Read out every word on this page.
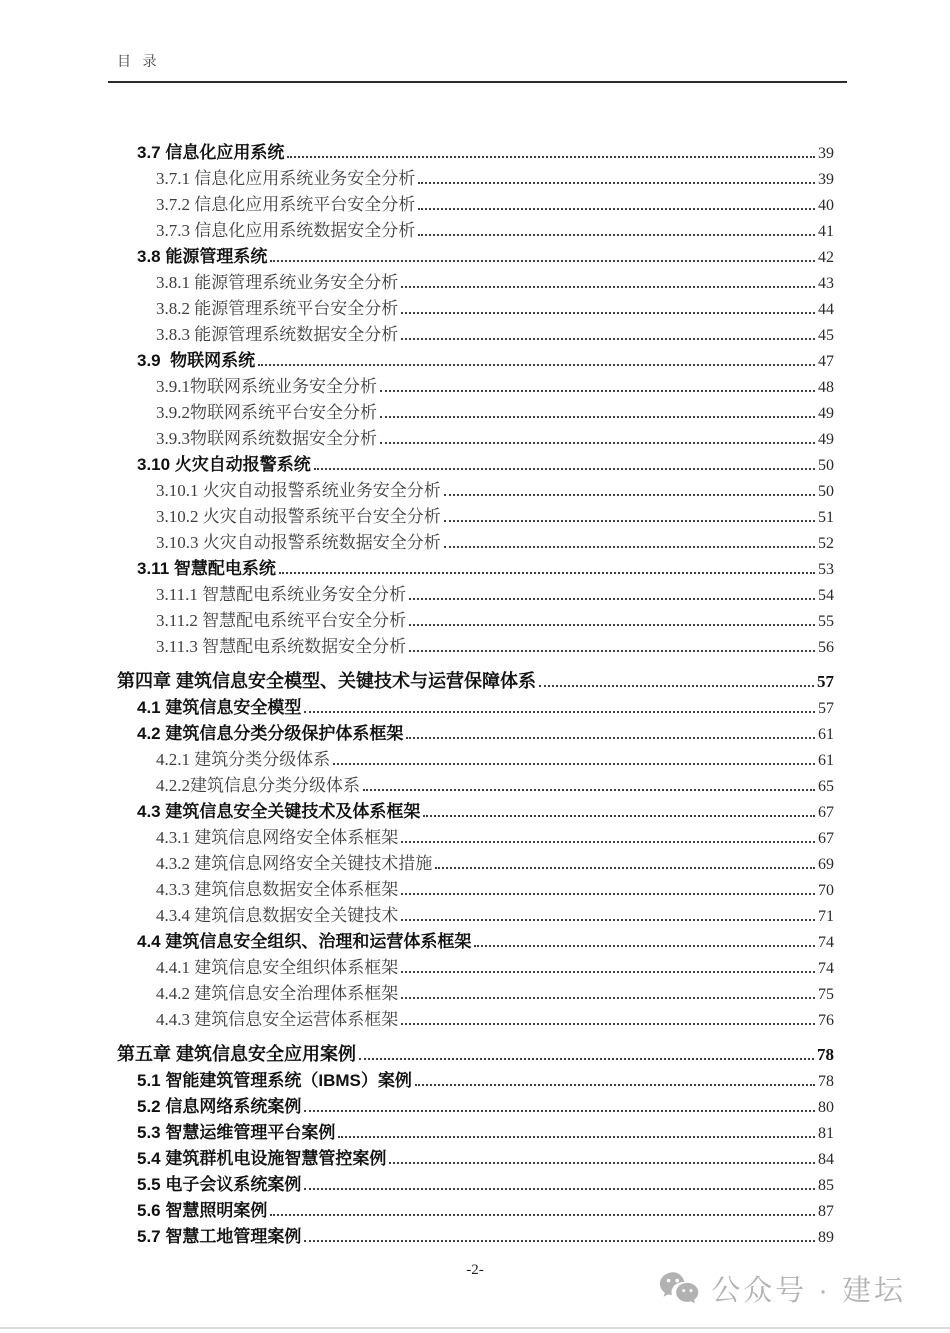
目 录
3.7 信息化应用系统	39
3.7.1 信息化应用系统业务安全分析	39
3.7.2 信息化应用系统平台安全分析	40
3.7.3 信息化应用系统数据安全分析	41
3.8 能源管理系统	42
3.8.1 能源管理系统业务安全分析	43
3.8.2 能源管理系统平台安全分析	44
3.8.3 能源管理系统数据安全分析	45
3.9  物联网系统	47
3.9.1物联网系统业务安全分析	48
3.9.2物联网系统平台安全分析	49
3.9.3物联网系统数据安全分析	49
3.10 火灾自动报警系统	50
3.10.1 火灾自动报警系统业务安全分析	50
3.10.2 火灾自动报警系统平台安全分析	51
3.10.3 火灾自动报警系统数据安全分析	52
3.11 智慧配电系统	53
3.11.1 智慧配电系统业务安全分析	54
3.11.2 智慧配电系统平台安全分析	55
3.11.3 智慧配电系统数据安全分析	56
第四章 建筑信息安全模型、关键技术与运营保障体系	57
4.1 建筑信息安全模型	57
4.2 建筑信息分类分级保护体系框架	61
4.2.1 建筑分类分级体系	61
4.2.2建筑信息分类分级体系	65
4.3 建筑信息安全关键技术及体系框架	67
4.3.1 建筑信息网络安全体系框架	67
4.3.2 建筑信息网络安全关键技术措施	69
4.3.3 建筑信息数据安全体系框架	70
4.3.4 建筑信息数据安全关键技术	71
4.4 建筑信息安全组织、治理和运营体系框架	74
4.4.1 建筑信息安全组织体系框架	74
4.4.2 建筑信息安全治理体系框架	75
4.4.3 建筑信息安全运营体系框架	76
第五章 建筑信息安全应用案例	78
5.1 智能建筑管理系统（IBMS）案例	78
5.2 信息网络系统案例	80
5.3 智慧运维管理平台案例	81
5.4 建筑群机电设施智慧管控案例	84
5.5 电子会议系统案例	85
5.6 智慧照明案例	87
5.7 智慧工地管理案例	89
-2-
公众号 · 建坛
